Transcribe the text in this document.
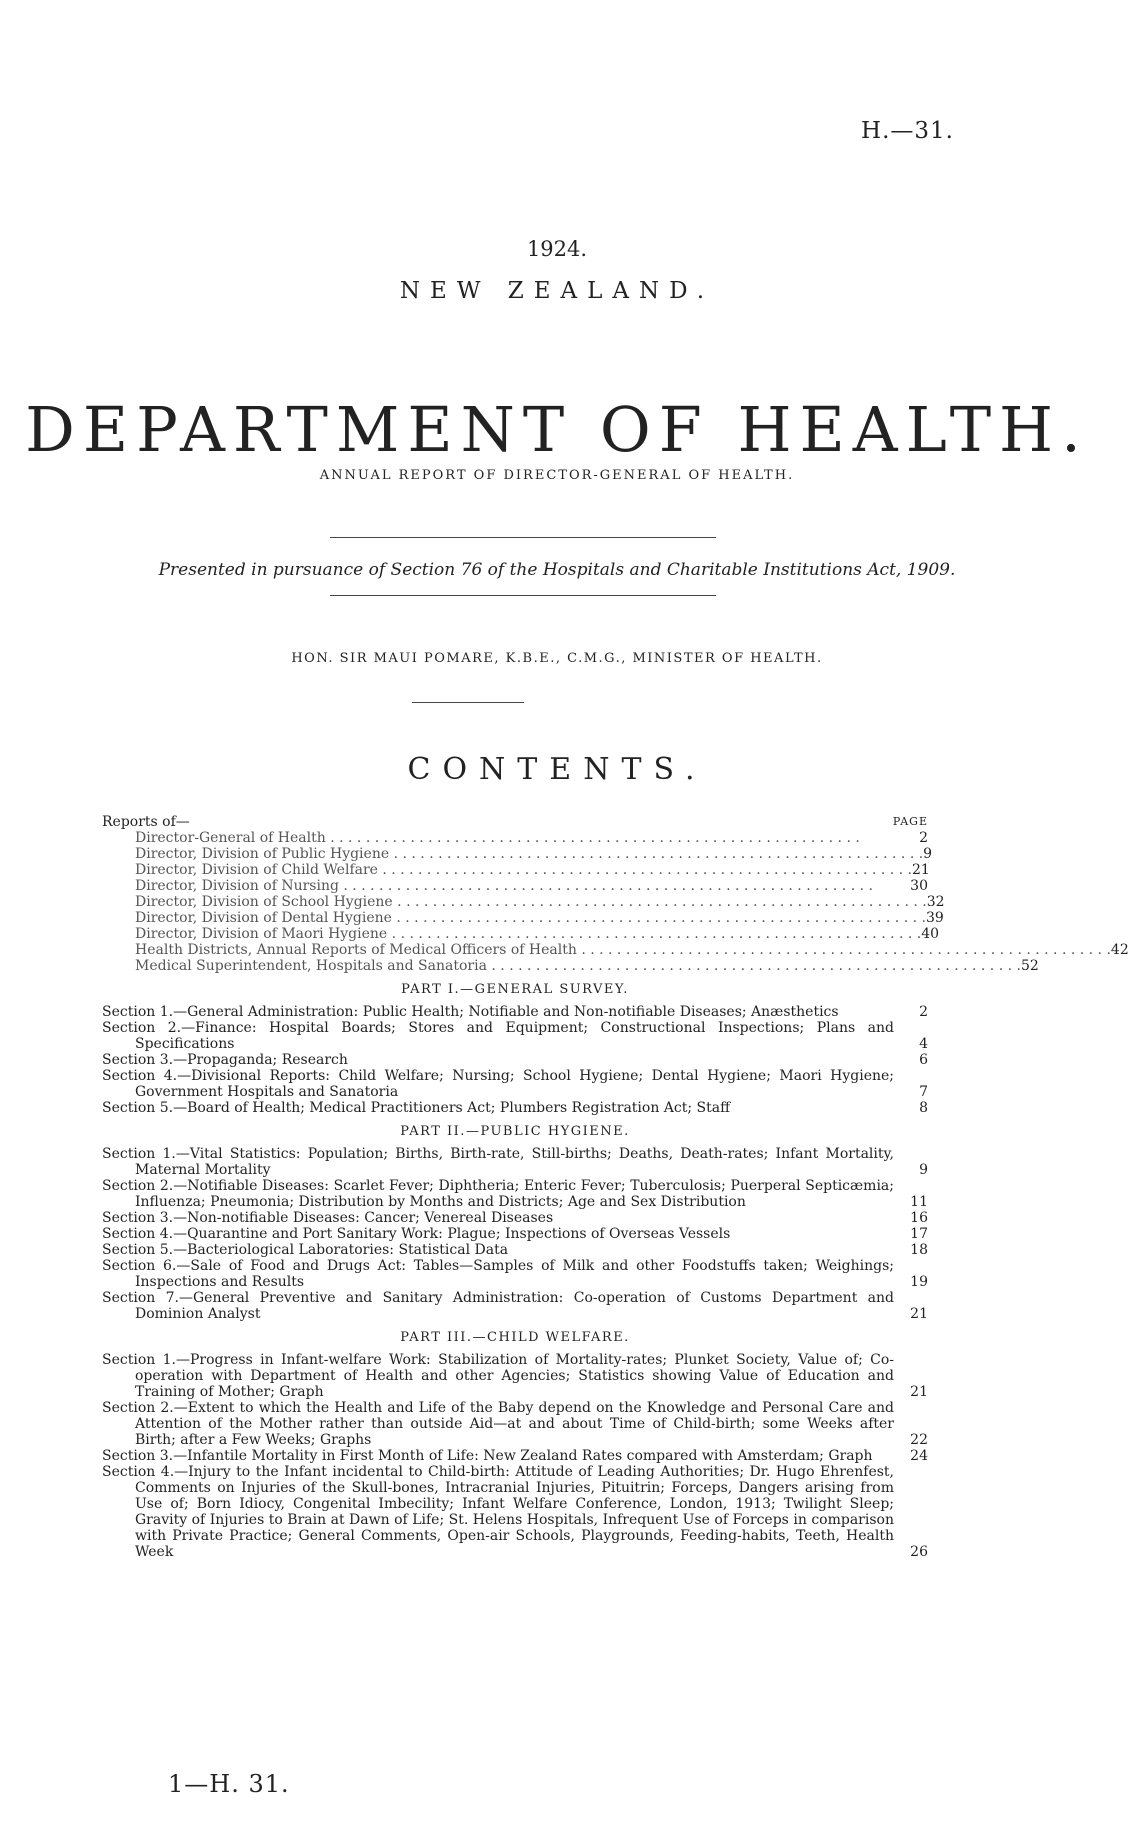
H.—31.
1924.
NEW ZEALAND.
DEPARTMENT OF HEALTH.
ANNUAL REPORT OF DIRECTOR-GENERAL OF HEALTH.
Presented in pursuance of Section 76 of the Hospitals and Charitable Institutions Act, 1909.
HON. SIR MAUI POMARE, K.B.E., C.M.G., MINISTER OF HEALTH.
CONTENTS.
Reports of—	PAGE
Director-General of Health . . . . . . . . . . . . . . . . . . . . . . . . . . . . . . . . . . . . . . . . . . . . . . . . . . . . . . . . . . . .	2
Director, Division of Public Hygiene . . . . . . . . . . . . . . . . . . . . . . . . . . . . . . . . . . . . . . . . . . . . . . . . . . . . . . . . . . . . 9
Director, Division of Child Welfare . . . . . . . . . . . . . . . . . . . . . . . . . . . . . . . . . . . . . . . . . . . . . . . . . . . . . . . . . . . . 21
Director, Division of Nursing . . . . . . . . . . . . . . . . . . . . . . . . . . . . . . . . . . . . . . . . . . . . . . . . . . . . . . . . . . . .	30
Director, Division of School Hygiene . . . . . . . . . . . . . . . . . . . . . . . . . . . . . . . . . . . . . . . . . . . . . . . . . . . . . . . . . . . . 32
Director, Division of Dental Hygiene . . . . . . . . . . . . . . . . . . . . . . . . . . . . . . . . . . . . . . . . . . . . . . . . . . . . . . . . . . . . 39
Director, Division of Maori Hygiene . . . . . . . . . . . . . . . . . . . . . . . . . . . . . . . . . . . . . . . . . . . . . . . . . . . . . . . . . . . . 40
Health Districts, Annual Reports of Medical Officers of Health . . . . . . . . . . . . . . . . . . . . . . . . . . . . . . . . . . . . . . . . . . . . . . . . . . . . . . . . . . . . 42
Medical Superintendent, Hospitals and Sanatoria . . . . . . . . . . . . . . . . . . . . . . . . . . . . . . . . . . . . . . . . . . . . . . . . . . . . . . . . . . . . 52
PART I.—GENERAL SURVEY.
Section 1.—General Administration: Public Health; Notifiable and Non-notifiable Diseases; Anæsthetics	2
Section 2.—Finance: Hospital Boards; Stores and Equipment; Constructional Inspections; Plans and Specifications	4
Section 3.—Propaganda; Research	6
Section 4.—Divisional Reports: Child Welfare; Nursing; School Hygiene; Dental Hygiene; Maori Hygiene; Government Hospitals and Sanatoria	7
Section 5.—Board of Health; Medical Practitioners Act; Plumbers Registration Act; Staff	8
PART II.—PUBLIC HYGIENE.
Section 1.—Vital Statistics: Population; Births, Birth-rate, Still-births; Deaths, Death-rates; Infant Mortality, Maternal Mortality	9
Section 2.—Notifiable Diseases: Scarlet Fever; Diphtheria; Enteric Fever; Tuberculosis; Puerperal Septicæmia; Influenza; Pneumonia; Distribution by Months and Districts; Age and Sex Distribution	11
Section 3.—Non-notifiable Diseases: Cancer; Venereal Diseases	16
Section 4.—Quarantine and Port Sanitary Work: Plague; Inspections of Overseas Vessels	17
Section 5.—Bacteriological Laboratories: Statistical Data	18
Section 6.—Sale of Food and Drugs Act: Tables—Samples of Milk and other Foodstuffs taken; Weighings; Inspections and Results	19
Section 7.—General Preventive and Sanitary Administration: Co-operation of Customs Department and Dominion Analyst	21
PART III.—CHILD WELFARE.
Section 1.—Progress in Infant-welfare Work: Stabilization of Mortality-rates; Plunket Society, Value of; Co-operation with Department of Health and other Agencies; Statistics showing Value of Education and Training of Mother; Graph	21
Section 2.—Extent to which the Health and Life of the Baby depend on the Knowledge and Personal Care and Attention of the Mother rather than outside Aid—at and about Time of Child-birth; some Weeks after Birth; after a Few Weeks; Graphs	22
Section 3.—Infantile Mortality in First Month of Life: New Zealand Rates compared with Amsterdam; Graph	24
Section 4.—Injury to the Infant incidental to Child-birth: Attitude of Leading Authorities; Dr. Hugo Ehrenfest, Comments on Injuries of the Skull-bones, Intracranial Injuries, Pituitrin; Forceps, Dangers arising from Use of; Born Idiocy, Congenital Imbecility; Infant Welfare Conference, London, 1913; Twilight Sleep; Gravity of Injuries to Brain at Dawn of Life; St. Helens Hospitals, Infrequent Use of Forceps in comparison with Private Practice; General Comments, Open-air Schools, Playgrounds, Feeding-habits, Teeth, Health Week	26
1—H. 31.
